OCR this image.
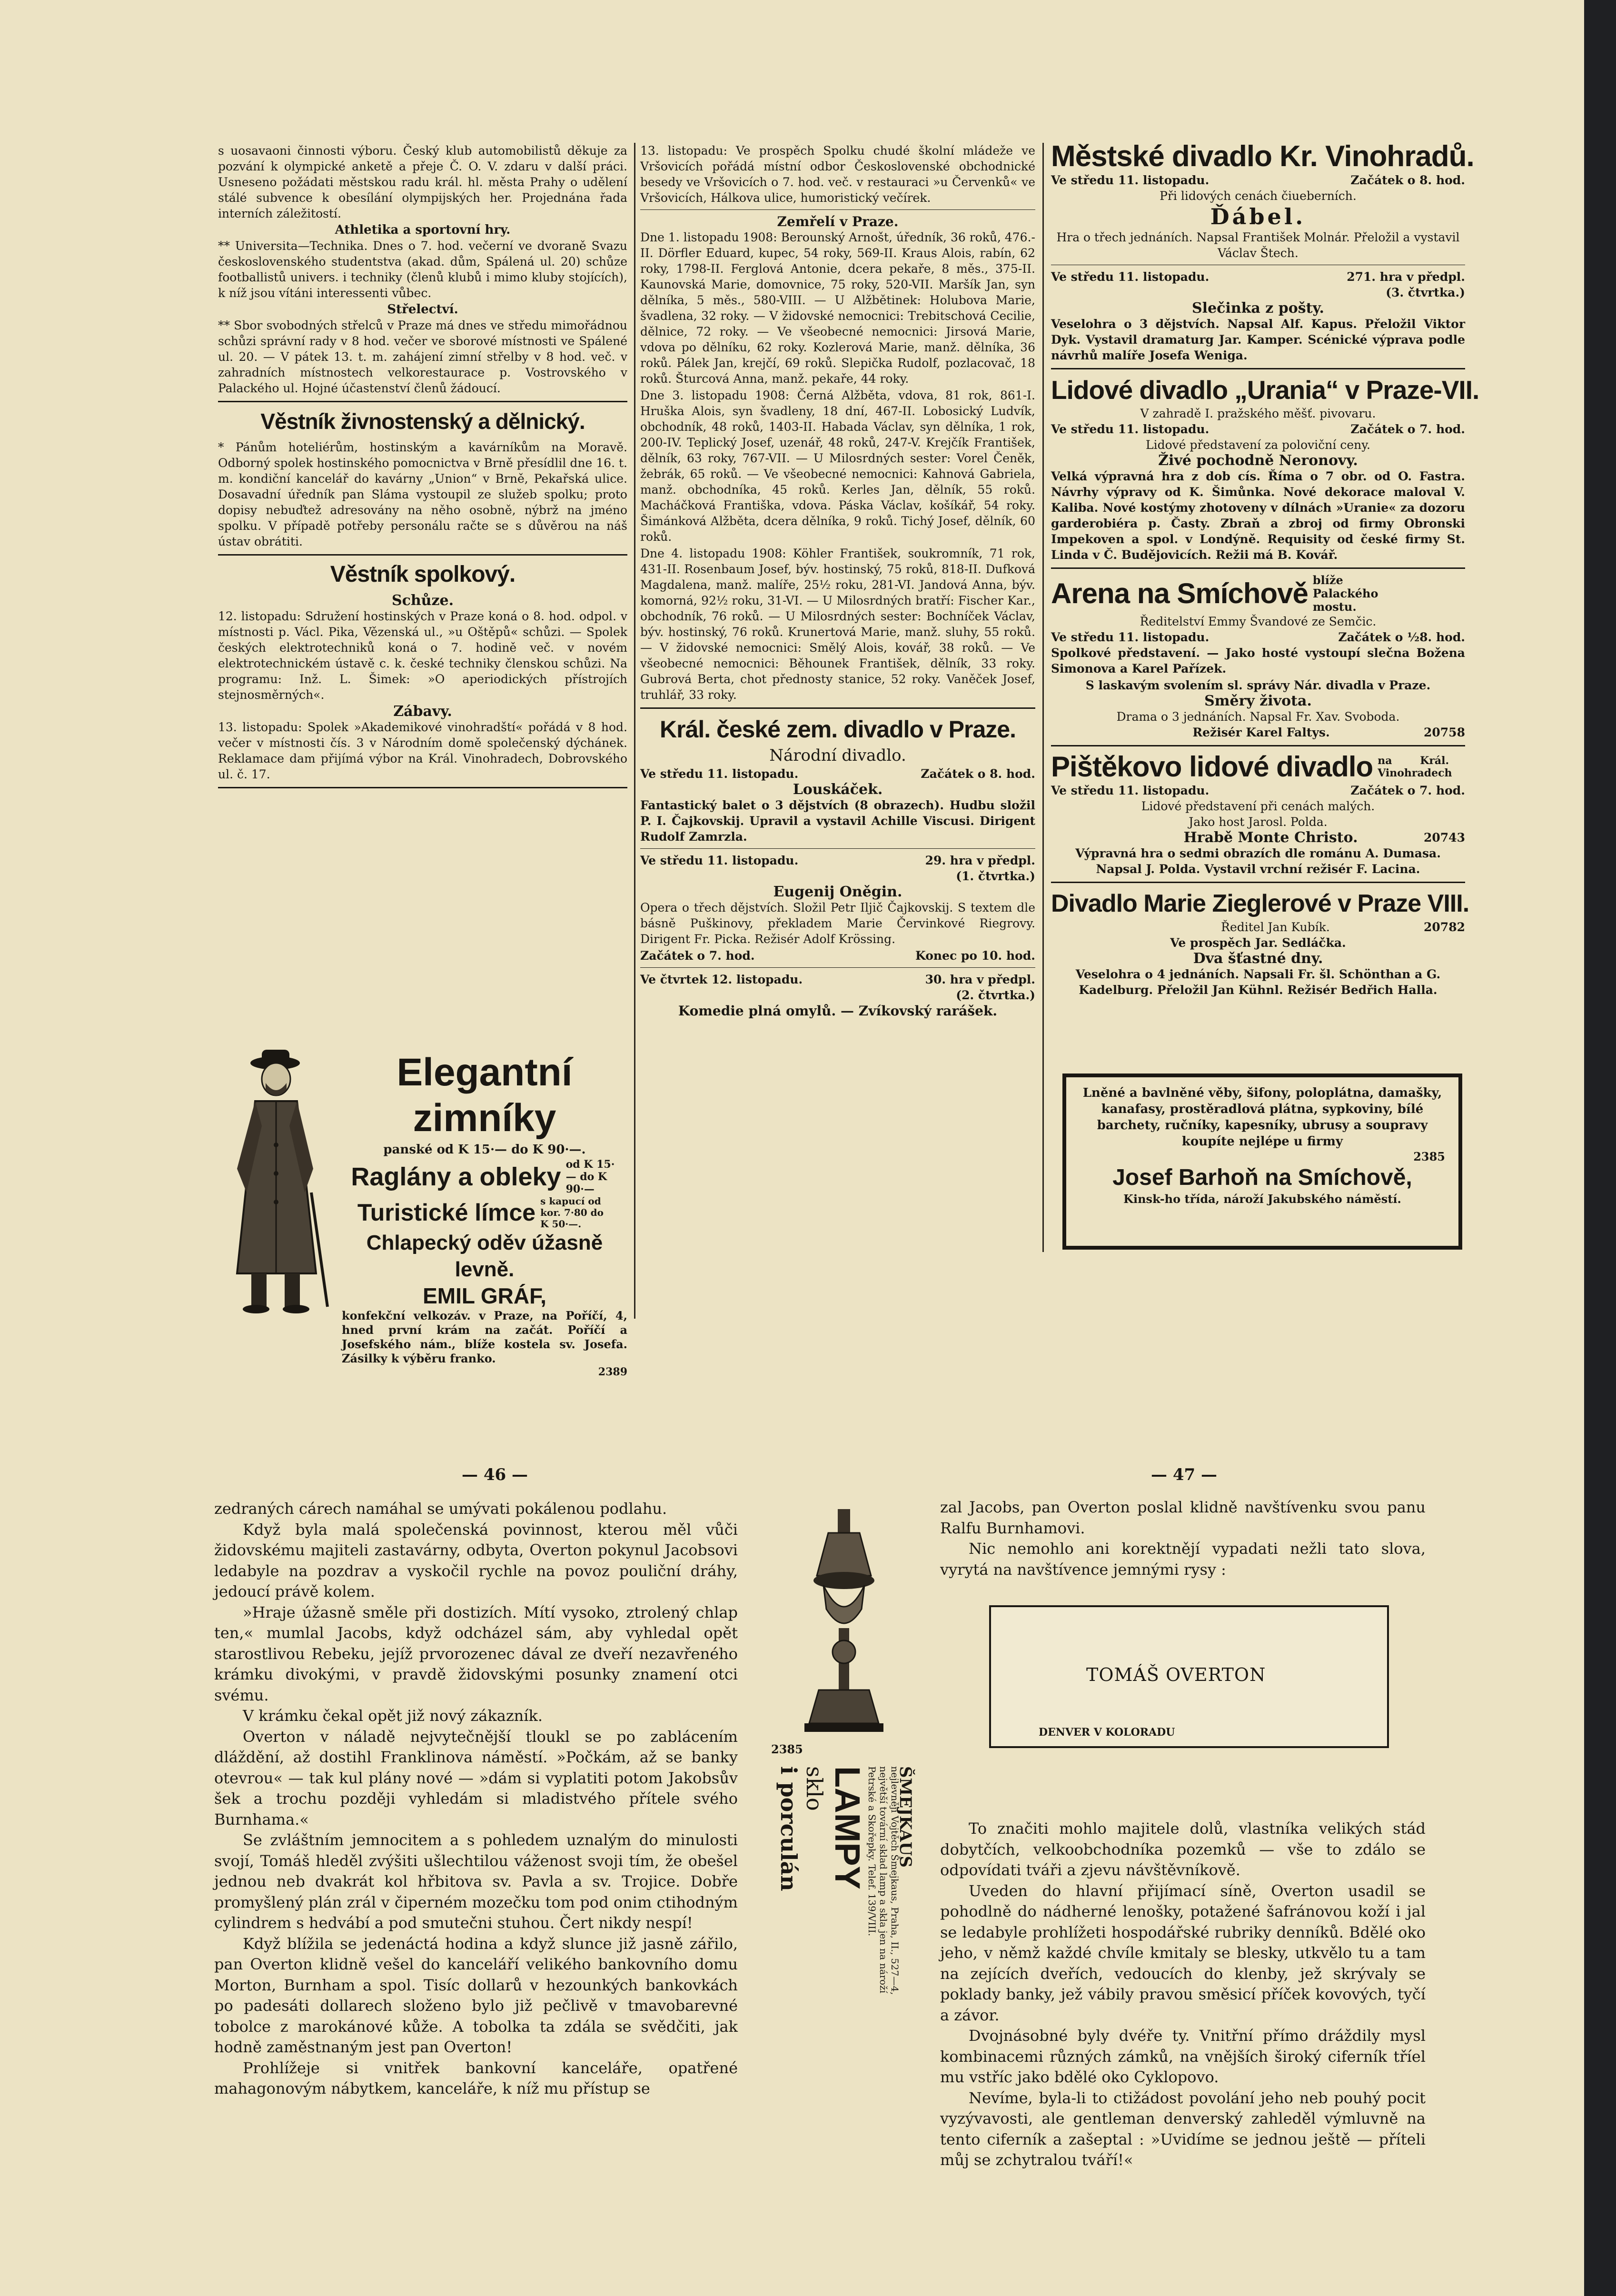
s uosavaoni činnosti výboru. Český klub automobilistů děkuje za pozvání k olympické anketě a přeje Č. O. V. zdaru v další práci. Usneseno požádati městskou radu král. hl. města Prahy o udělení stálé subvence k obesílání olympijských her. Projednána řada interních záležitostí.

Athletika a sportovní hry.

** Universita—Technika. Dnes o 7. hod. večerní ve dvoraně Svazu československého studentstva (akad. dům, Spálená ul. 20) schůze footballistů univers. i techniky (členů klubů i mimo kluby stojících), k níž jsou vítáni interessenti vůbec.

Střelectví.

** Sbor svobodných střelců v Praze má dnes ve středu mimořádnou schůzi správní rady v 8 hod. večer ve sborové místnosti ve Spálené ul. 20. — V pátek 13. t. m. zahájení zimní střelby v 8 hod. več. v zahradních místnostech velkorestaurace p. Vostrovského v Palackého ul. Hojné účastenství členů žádoucí.

Věstník živnostenský a dělnický.

* Pánům hoteliérům, hostinským a kavárníkům na Moravě. Odborný spolek hostinského pomocnictva v Brně přesídlil dne 16. t. m. kondiční kancelář do kavárny „Union“ v Brně, Pekařská ulice. Dosavadní úředník pan Sláma vystoupil ze služeb spolku; proto dopisy nebuďtež adresovány na něho osobně, nýbrž na jméno spolku. V případě potřeby personálu račte se s důvěrou na náš ústav obrátiti.

Věstník spolkový.
Schůze.

12. listopadu: Sdružení hostinských v Praze koná o 8. hod. odpol. v místnosti p. Václ. Pika, Vězenská ul., »u Oštěpů« schůzi. — Spolek českých elektrotechniků koná o 7. hodině več. v novém elektrotechnickém ústavě c. k. české techniky členskou schůzi. Na programu: Inž. L. Šimek: »O aperiodických přístrojích stejnosměrných«.

Zábavy.

13. listopadu: Spolek »Akademikové vinohradští« pořádá v 8 hod. večer v místnosti čís. 3 v Národním domě společenský dýchánek. Reklamace dam přijímá výbor na Král. Vinohradech, Dobrovského ul. č. 17.

Elegantní zimníky
panské od K 15·— do K 90·—.
Raglány a obleky od K 15·— do K 90·—
Turistické límce s kapucí od kor. 7·80 do K 50·—.
Chlapecký oděv úžasně levně.
EMIL GRÁF,
konfekční velkozáv. v Praze, na Poříčí, 4, hned první krám na začát. Poříčí a Josefského nám., blíže kostela sv. Josefa. Zásilky k výběru franko.
2389

13. listopadu: Ve prospěch Spolku chudé školní mládeže ve Vršovicích pořádá místní odbor Československé obchodnické besedy ve Vršovicích o 7. hod. več. v restauraci »u Červenků« ve Vršovicích, Hálkova ulice, humoristický večírek.

Zemřelí v Praze.

Dne 1. listopadu 1908: Berounský Arnošt, úředník, 36 roků, 476.-II. Dörfler Eduard, kupec, 54 roky, 569-II. Kraus Alois, rabín, 62 roky, 1798-II. Ferglová Antonie, dcera pekaře, 8 měs., 375-II. Kaunovská Marie, domovnice, 75 roky, 520-VII. Maršík Jan, syn dělníka, 5 měs., 580-VIII. — U Alžbětinek: Holubova Marie, švadlena, 32 roky. — V židovské nemocnici: Trebitschová Cecilie, dělnice, 72 roky. — Ve všeobecné nemocnici: Jirsová Marie, vdova po dělníku, 62 roky. Kozlerová Marie, manž. dělníka, 36 roků. Pálek Jan, krejčí, 69 roků. Slepička Rudolf, pozlacovač, 18 roků. Šturcová Anna, manž. pekaře, 44 roky.

Dne 3. listopadu 1908: Černá Alžběta, vdova, 81 rok, 861-I. Hruška Alois, syn švadleny, 18 dní, 467-II. Lobosický Ludvík, obchodník, 48 roků, 1403-II. Habada Václav, syn dělníka, 1 rok, 200-IV. Teplický Josef, uzenář, 48 roků, 247-V. Krejčík František, dělník, 63 roky, 767-VII. — U Milosrdných sester: Vorel Čeněk, žebrák, 65 roků. — Ve všeobecné nemocnici: Kahnová Gabriela, manž. obchodníka, 45 roků. Kerles Jan, dělník, 55 roků. Macháčková Františka, vdova. Páska Václav, košíkář, 54 roky. Šimánková Alžběta, dcera dělníka, 9 roků. Tichý Josef, dělník, 60 roků.

Dne 4. listopadu 1908: Köhler František, soukromník, 71 rok, 431-II. Rosenbaum Josef, býv. hostinský, 75 roků, 818-II. Dufková Magdalena, manž. malíře, 25½ roku, 281-VI. Jandová Anna, býv. komorná, 92½ roku, 31-VI. — U Milosrdných bratří: Fischer Kar., obchodník, 76 roků. — U Milosrdných sester: Bochníček Václav, býv. hostinský, 76 roků. Krunertová Marie, manž. sluhy, 55 roků. — V židovské nemocnici: Smělý Alois, kovář, 38 roků. — Ve všeobecné nemocnici: Běhounek František, dělník, 33 roky. Gubrová Berta, chot přednosty stanice, 52 roky. Vaněček Josef, truhlář, 33 roky.

Král. české zem. divadlo v Praze.
Národní divadlo.
Ve středu 11. listopadu.	Začátek o 8. hod.
Louskáček.

Fantastický balet o 3 dějstvích (8 obrazech). Hudbu složil P. I. Čajkovskij. Upravil a vystavil Achille Viscusi. Dirigent Rudolf Zamrzla.

Ve středu 11. listopadu.	29. hra v předpl. (1. čtvrtka.)
Eugenij Oněgin.

Opera o třech dějstvích. Složil Petr Iljič Čajkovskij. S textem dle básně Puškinovy, překladem Marie Červinkové Riegrovy. Dirigent Fr. Picka. Režisér Adolf Krössing.

Začátek o 7. hod.	Konec po 10. hod.
Ve čtvrtek 12. listopadu.	30. hra v předpl. (2. čtvrtka.)
Komedie plná omylů. — Zvíkovský rarášek.
Městské divadlo Kr. Vinohradů.
Ve středu 11. listopadu.	Začátek o 8. hod.
Při lidových cenách čiueberních.
Ďábel.
Hra o třech jednáních. Napsal František Molnár. Přeložil a vystavil Václav Štech.
Ve středu 11. listopadu.	271. hra v předpl. (3. čtvrtka.)
Slečinka z pošty.

Veselohra o 3 dějstvích. Napsal Alf. Kapus. Přeložil Viktor Dyk. Vystavil dramaturg Jar. Kamper. Scénické výprava podle návrhů malíře Josefa Weniga.

Lidové divadlo „Urania“ v Praze-VII.
V zahradě I. pražského měšť. pivovaru.
Ve středu 11. listopadu.	Začátek o 7. hod.
Lidové představení za poloviční ceny.
Živé pochodně Neronovy.

Velká výpravná hra z dob cís. Říma o 7 obr. od O. Fastra. Návrhy výpravy od K. Šimůnka. Nové dekorace maloval V. Kaliba. Nové kostýmy zhotoveny v dílnách »Uranie« za dozoru garderobiéra p. Časty. Zbraň a zbroj od firmy Obronski Impekoven a spol. v Londýně. Requisity od české firmy St. Linda v Č. Budějovicích. Režii má B. Kovář.

Arena na Smíchově blíže Palackého mostu.
Ředitelství Emmy Švandové ze Semčic.
Ve středu 11. listopadu.	Začátek o ½8. hod.

Spolkové představení. — Jako hosté vystoupí slečna Božena Simonova a Karel Pařízek.

S laskavým svolením sl. správy Nár. divadla v Praze.
Směry života.
Drama o 3 jednáních. Napsal Fr. Xav. Svoboda.
Režisér Karel Faltys.	20758
Pištěkovo lidové divadlo na Král. Vinohradech
Ve středu 11. listopadu.	Začátek o 7. hod.
Lidové představení při cenách malých.
Jako host Jarosl. Polda.
Hrabě Monte Christo.	20743
Výpravná hra o sedmi obrazích dle románu A. Dumasa.
Napsal J. Polda. Vystavil vrchní režisér F. Lacina.
Divadlo Marie Zieglerové v Praze VIII.
Ředitel Jan Kubík.	20782
Ve prospěch Jar. Sedláčka.
Dva šťastné dny.
Veselohra o 4 jednáních. Napsali Fr. šl. Schönthan a G. Kadelburg. Přeložil Jan Kühnl. Režisér Bedřich Halla.
Lněné a bavlněné věby, šifony, poloplátna, damašky, kanafasy, prostěradlová plátna, sypkoviny, bílé barchety, ručníky, kapesníky, ubrusy a soupravy koupíte nejlépe u firmy
2385
Josef Barhoň na Smíchově,
Kinsk-ho třída, nároží Jakubského náměstí.
— 46 —	— 47 —

zedraných cárech namáhal se umývati pokálenou podlahu.

Když byla malá společenská povinnost, kterou měl vůči židovskému majiteli zastavárny, odbyta, Overton pokynul Jacobsovi ledabyle na pozdrav a vyskočil rychle na povoz pouliční dráhy, jedoucí právě kolem.

»Hraje úžasně směle při dostizích. Mítí vysoko, ztrolený chlap ten,« mumlal Jacobs, když odcházel sám, aby vyhledal opět starostlivou Rebeku, jejíž prvorozenec dával ze dveří nezavřeného krámku divokými, v pravdě židovskými posunky znamení otci svému.

V krámku čekal opět již nový zákazník.

Overton v náladě nejvytečnější tloukl se po zablácením dláždění, až dostihl Franklinova náměstí. »Počkám, až se banky otevrou« — tak kul plány nové — »dám si vyplatiti potom Jakobsův šek a trochu později vyhledám si mladistvého přítele svého Burnhama.«

Se zvláštním jemnocitem a s pohledem uznalým do minulosti svojí, Tomáš hleděl zvýšiti ušlechtilou váženost svoji tím, že obešel jednou neb dvakrát kol hřbitova sv. Pavla a sv. Trojice. Dobře promyšlený plán zrál v čiperném mozečku tom pod onim ctihodným cylindrem s hedvábí a pod smutečni stuhou. Čert nikdy nespí!

Když blížila se jedenáctá hodina a když slunce již jasně zářilo, pan Overton klidně vešel do kanceláří velikého bankovního domu Morton, Burnham a spol. Tisíc dollarů v hezounkých bankovkách po padesáti dollarech složeno bylo již pečlivě v tmavobarevné tobolce z marokánové kůže. A tobolka ta zdála se svědčiti, jak hodně zaměstnaným jest pan Overton!

Prohlížeje si vnitřek bankovní kanceláře, opatřené mahagonovým nábytkem, kanceláře, k níž mu přístup se

2385
i porculán sklo LAMPY	nejlevněji Vojtěch Šmejkaus, Praha, II., 527—4, největší tovární sklad lamp a skla jen na nároží Petrské a Skořepky. Telef. 139/VIII.	ŠMEJKAUS

zal Jacobs, pan Overton poslal klidně navštívenku svou panu Ralfu Burnhamovi.

Nic nemohlo ani korektnějí vypadati nežli tato slova, vyrytá na navštívence jemnými rysy :

TOMÁŠ OVERTON
DENVER V KOLORADU

To značiti mohlo majitele dolů, vlastníka velikých stád dobytčích, velkoobchodníka pozemků — vše to zdálo se odpovídati tváři a zjevu návštěvníkově.

Uveden do hlavní přijímací síně, Overton usadil se pohodlně do nádherné lenošky, potažené šafránovou koží i jal se ledabyle prohlížeti hospodářské rubriky denníků. Bdělé oko jeho, v němž každé chvíle kmitaly se blesky, utkvělo tu a tam na zejících dveřích, vedoucích do klenby, jež skrývaly se poklady banky, jež vábily pravou směsicí příček kovových, tyčí a závor.

Dvojnásobné byly dvéře ty. Vnitřní přímo dráždily mysl kombinacemi různých zámků, na vnějších široký ciferník tříel mu vstříc jako bdělé oko Cyklopovo.

Nevíme, byla-li to ctižádost povolání jeho neb pouhý pocit vyzývavosti, ale gentleman denverský zahleděl výmluvně na tento ciferník a zašeptal : »Uvidíme se jednou ještě — příteli můj se zchytralou tváří!«
